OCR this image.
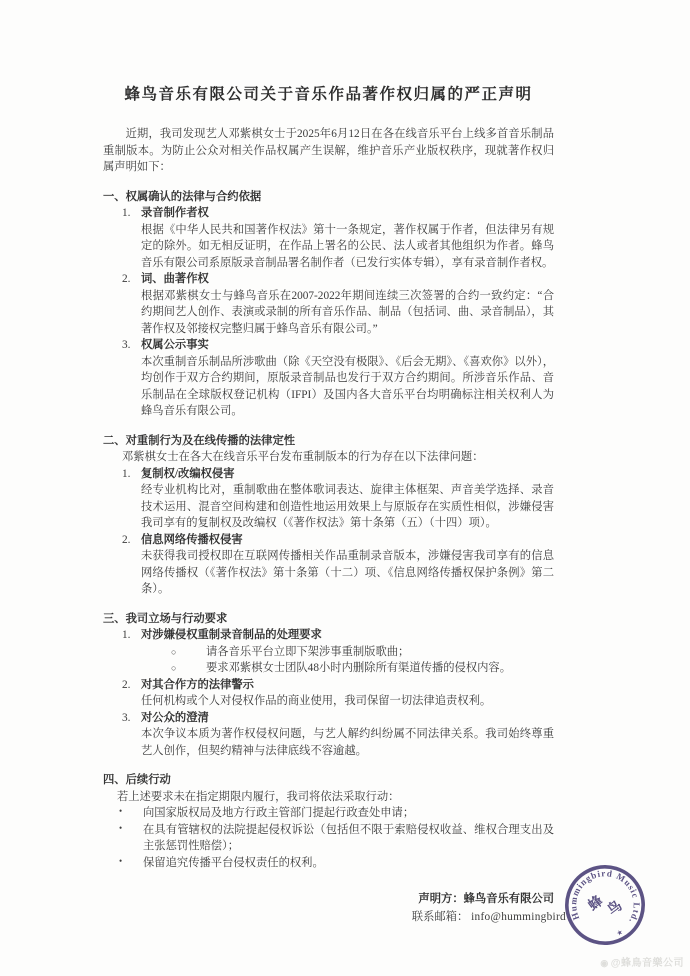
蜂鸟音乐有限公司关于音乐作品著作权归属的严正声明
近期，我司发现艺人邓紫棋女士于2025年6月12日在各在线音乐平台上线多首音乐制品重制版本。为防止公众对相关作品权属产生误解，维护音乐产业版权秩序，现就著作权归属声明如下：
一、权属确认的法律与合约依据
1. 录音制作者权
根据《中华人民共和国著作权法》第十一条规定，著作权属于作者，但法律另有规定的除外。如无相反证明，在作品上署名的公民、法人或者其他组织为作者。蜂鸟音乐有限公司系原版录音制品署名制作者（已发行实体专辑），享有录音制作者权。
2. 词、曲著作权
根据邓紫棋女士与蜂鸟音乐在2007-2022年期间连续三次签署的合约一致约定：“合约期间艺人创作、表演或录制的所有音乐作品、制品（包括词、曲、录音制品），其著作权及邻接权完整归属于蜂鸟音乐有限公司。”
3. 权属公示事实
本次重制音乐制品所涉歌曲（除《天空没有极限》、《后会无期》、《喜欢你》以外），均创作于双方合约期间，原版录音制品也发行于双方合约期间。所涉音乐作品、音乐制品在全球版权登记机构（IFPI）及国内各大音乐平台均明确标注相关权利人为蜂鸟音乐有限公司。
二、对重制行为及在线传播的法律定性
邓紫棋女士在各大在线音乐平台发布重制版本的行为存在以下法律问题：
1. 复制权/改编权侵害
经专业机构比对，重制歌曲在整体歌词表达、旋律主体框架、声音美学选择、录音技术运用、混音空间构建和创造性地运用效果上与原版存在实质性相似，涉嫌侵害我司享有的复制权及改编权（《著作权法》第十条第（五）（十四）项）。
2. 信息网络传播权侵害
未获得我司授权即在互联网传播相关作品重制录音版本，涉嫌侵害我司享有的信息网络传播权（《著作权法》第十条第（十二）项、《信息网络传播权保护条例》第二条）。
三、我司立场与行动要求
1. 对涉嫌侵权重制录音制品的处理要求
○	请各音乐平台立即下架涉事重制版歌曲；
○	要求邓紫棋女士团队48小时内删除所有渠道传播的侵权内容。
2. 对其合作方的法律警示
任何机构或个人对侵权作品的商业使用，我司保留一切法律追责权利。
3. 对公众的澄清
本次争议本质为著作权侵权问题，与艺人解约纠纷属不同法律关系。我司始终尊重艺人创作，但契约精神与法律底线不容逾越。
四、后续行动
若上述要求未在指定期限内履行，我司将依法采取行动：
•	向国家版权局及地方行政主管部门提起行政查处申请；
•	在具有管辖权的法院提起侵权诉讼（包括但不限于索赔侵权收益、维权合理支出及主张惩罚性赔偿）；
•	保留追究传播平台侵权责任的权利。
声明方：蜂鸟音乐有限公司
联系邮箱： info@hummingbird Hummingbird Music Ltd.
蜂 鸟
★
◉ @蜂鳥音樂公司
